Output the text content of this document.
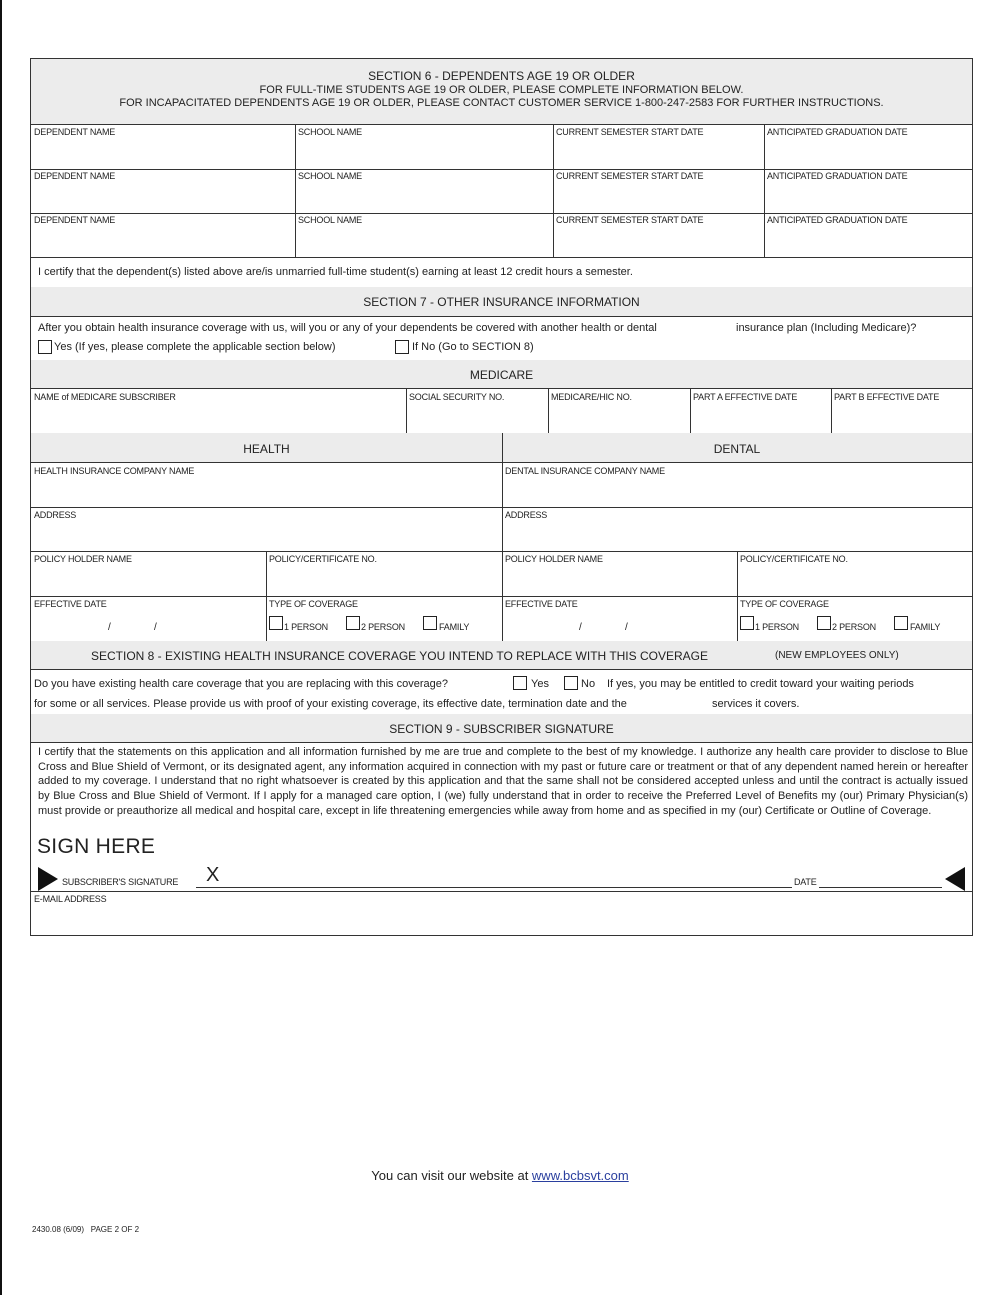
SECTION 6 - DEPENDENTS AGE 19 OR OLDER
FOR FULL-TIME STUDENTS AGE 19 OR OLDER, PLEASE COMPLETE INFORMATION BELOW.
FOR INCAPACITATED DEPENDENTS AGE 19 OR OLDER, PLEASE CONTACT CUSTOMER SERVICE 1-800-247-2583 FOR FURTHER INSTRUCTIONS.
DEPENDENT NAME	SCHOOL NAME	CURRENT SEMESTER START DATE	ANTICIPATED GRADUATION DATE
DEPENDENT NAME	SCHOOL NAME	CURRENT SEMESTER START DATE	ANTICIPATED GRADUATION DATE
DEPENDENT NAME	SCHOOL NAME	CURRENT SEMESTER START DATE	ANTICIPATED GRADUATION DATE
I certify that the dependent(s) listed above are/is unmarried full-time student(s) earning at least 12 credit hours a semester.
SECTION 7 - OTHER INSURANCE INFORMATION
After you obtain health insurance coverage with us, will you or any of your dependents be covered with another health or dental	insurance plan (Including Medicare)?
Yes (If yes, please complete the applicable section below)	If No (Go to SECTION 8)
MEDICARE
NAME of MEDICARE SUBSCRIBER	SOCIAL SECURITY NO.	MEDICARE/HIC NO.	PART A EFFECTIVE DATE	PART B EFFECTIVE DATE
HEALTH	DENTAL
HEALTH INSURANCE COMPANY NAME	DENTAL INSURANCE COMPANY NAME
ADDRESS	ADDRESS
POLICY HOLDER NAME	POLICY/CERTIFICATE NO.	POLICY HOLDER NAME	POLICY/CERTIFICATE NO.
EFFECTIVE DATE
/	/
TYPE OF COVERAGE
1 PERSON	2 PERSON	FAMILY
EFFECTIVE DATE
/	/
TYPE OF COVERAGE
1 PERSON	2 PERSON	FAMILY
SECTION 8 - EXISTING HEALTH INSURANCE COVERAGE YOU INTEND TO REPLACE WITH THIS COVERAGE	(NEW EMPLOYEES ONLY)
Do you have existing health care coverage that you are replacing with this coverage?	Yes	No If yes, you may be entitled to credit toward your waiting periods
for some or all services. Please provide us with proof of your existing coverage, its effective date, termination date and the	services it covers.
SECTION 9 - SUBSCRIBER SIGNATURE
I certify that the statements on this application and all information furnished by me are true and complete to the best of my knowledge. I authorize any health care provider to disclose to Blue Cross and Blue Shield of Vermont, or its designated agent, any information acquired in connection with my past or future care or treatment or that of any dependent named herein or hereafter added to my coverage. I understand that no right whatsoever is created by this application and that the same shall not be considered accepted unless and until the contract is actually issued by Blue Cross and Blue Shield of Vermont. If I apply for a managed care option, I (we) fully understand that in order to receive the Preferred Level of Benefits my (our) Primary Physician(s) must provide or preauthorize all medical and hospital care, except in life threatening emergencies while away from home and as specified in my (our) Certificate or Outline of Coverage.
SIGN HERE
SUBSCRIBER'S SIGNATURE X	DATE
E-MAIL ADDRESS
You can visit our website at www.bcbsvt.com
2430.08 (6/09)   PAGE 2 OF 2
